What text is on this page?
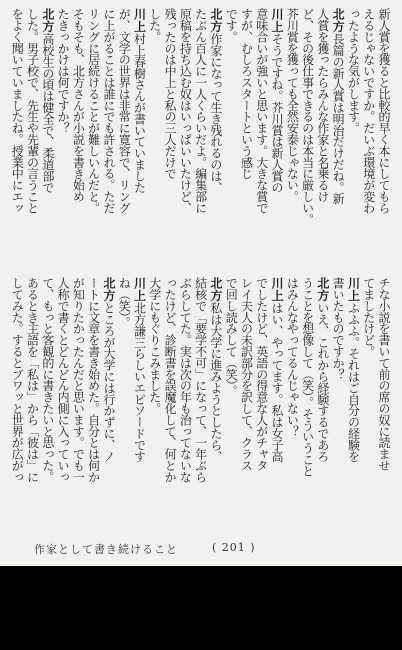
新人賞を獲ると比較的早く本にしてもら
えるじゃないですか。だいぶ環境が変わ
ったような気がします。
北方長篇の新人賞は明治だけだね。新
人賞を獲ったらみんな作家と名乗るけ
ど、その後仕事できるのは本当に厳しい。
芥川賞を獲っても全然安泰じゃない。
川上そうですね。芥川賞は新人賞の
意味合いが強いと思います。大きな賞で
すが、むしろスタートという感じ
です。
北方作家になって生き残れるのは、
たぶん百人に一人くらいだよ。編集部に
原稿を持ち込む奴はいっぱいいたけど、
残ったのは中上と私の三人だけで
した。
川上村上春樹さんが書いていました
が、文学の世界は非常に寛容で、リング
に上がることは誰にでも許される。ただ
リングに居続けることが難しいんだと。
そもそも、北方さんが小説を書き始め
たきっかけは何ですか？
北方高校生の頃は健全で、柔道部で
した。男子校で、先生や先輩の言うこと
をよく聞いていましたね。授業中にエッ
チな小説を書いて前の席の奴に読ませ
てましたけど。
川上ふふふ。それはご自分の経験を
書いたものですか？
北方いえ、これから経験するであろ
うことを想像して（笑）。そういうこと
はみんなやってるんじゃない？
川上はい、やってます。私は女子高
でしたけど、英語の得意な人がチャタ
レイ夫人の未訳部分を訳して、クラス
で回し読みして（笑）。
北方私は大学に進みようとしたら、
結核で「要学不可」になって、一年ぶら
ぶらしてた。実は次の年も治ってないな
ったけど、診断書を誤魔化して、何とか
大学にもぐりこみました。
川上北方謙三らしいエピソードです
ね（笑）。
北方ところが大学には行かずに、ノ
ートに文章を書き始めた。自分とは何か
が知りたかったんだと思います。でも一
人称で書くとどんどん内側に入っていっ
て、もっと客観的に書きたいと思った。
あるとき主語を「私は」から「彼は」に
してみた。するとブワッと世界が広がっ
作家として書き続けること	( 201 )
